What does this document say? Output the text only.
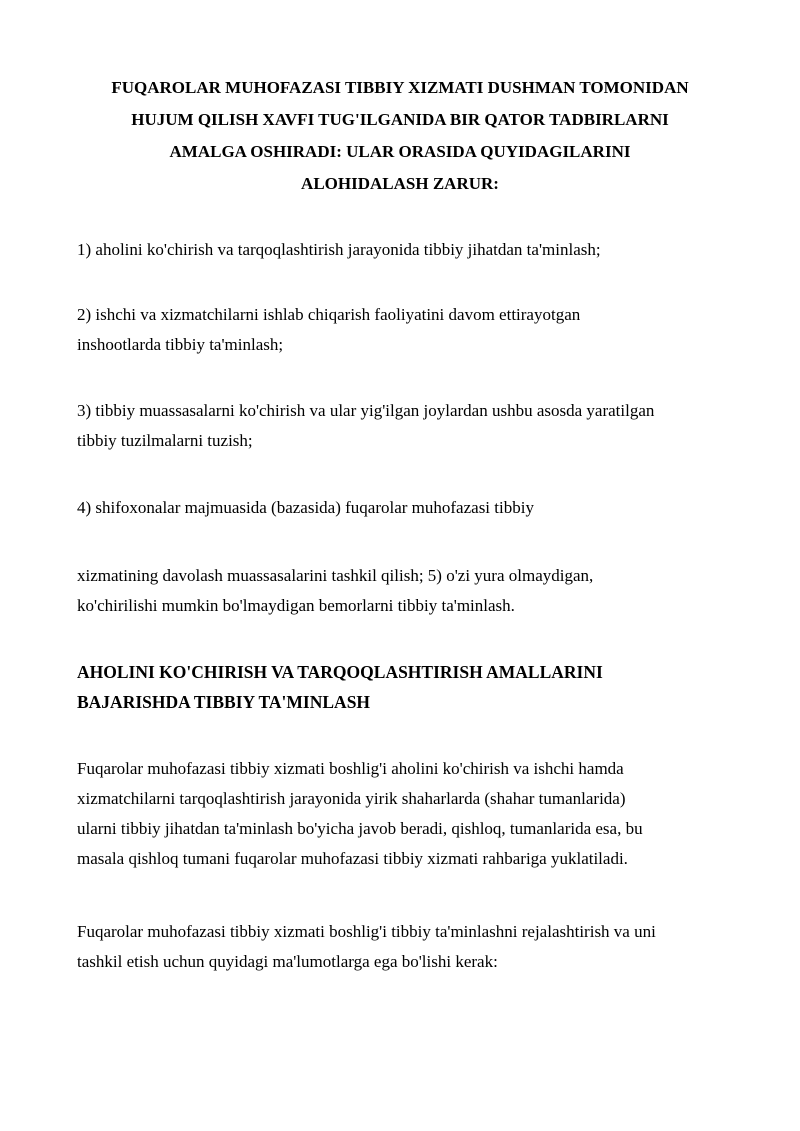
FUQAROLAR MUHOFAZASI TIBBIY XIZMATI DUSHMAN TOMONIDAN
HUJUM QILISH XAVFI TUG'ILGANIDA BIR QATOR TADBIRLARNI
AMALGA OSHIRADI: ULAR ORASIDA QUYIDAGILARINI
ALOHIDALASH ZARUR:

1) aholini ko'chirish va tarqoqlashtirish jarayonida tibbiy jihatdan ta'minlash;

2) ishchi va xizmatchilarni ishlab chiqarish faoliyatini davom ettirayotgan
inshootlarda tibbiy ta'minlash;

3) tibbiy muassasalarni ko'chirish va ular yig'ilgan joylardan ushbu asosda yaratilgan
tibbiy tuzilmalarni tuzish;

4) shifoxonalar majmuasida (bazasida) fuqarolar muhofazasi tibbiy

xizmatining davolash muassasalarini tashkil qilish; 5) o'zi yura olmaydigan,
ko'chirilishi mumkin bo'lmaydigan bemorlarni tibbiy ta'minlash.

AHOLINI KO'CHIRISH VA TARQOQLASHTIRISH AMALLARINI
BAJARISHDA TIBBIY TA'MINLASH

Fuqarolar muhofazasi tibbiy xizmati boshlig'i aholini ko'chirish va ishchi hamda
xizmatchilarni tarqoqlashtirish jarayonida yirik shaharlarda (shahar tumanlarida)
ularni tibbiy jihatdan ta'minlash bo'yicha javob beradi, qishloq, tumanlarida esa, bu
masala qishloq tumani fuqarolar muhofazasi tibbiy xizmati rahbariga yuklatiladi.

Fuqarolar muhofazasi tibbiy xizmati boshlig'i tibbiy ta'minlashni rejalashtirish va uni
tashkil etish uchun quyidagi ma'lumotlarga ega bo'lishi kerak:
